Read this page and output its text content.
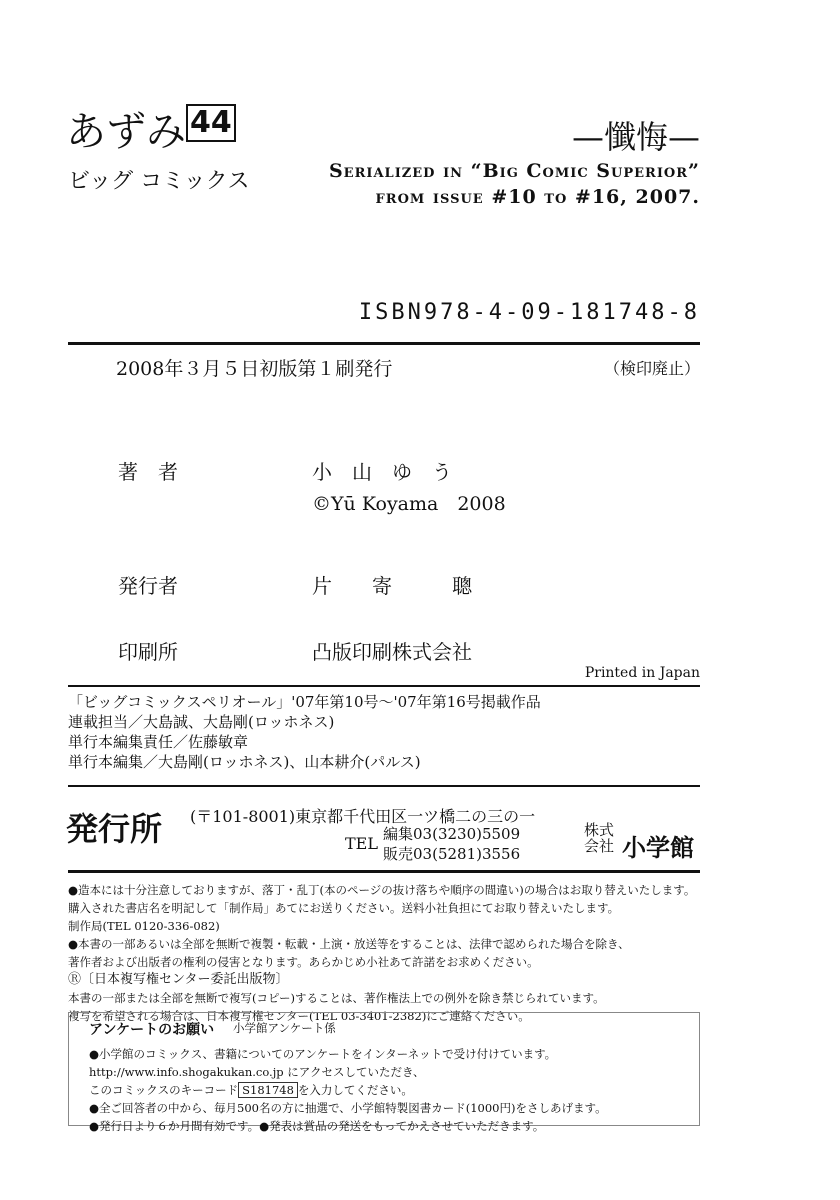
あずみ 44	—懺悔—
ビッグ コミックス	Serialized in “Big Comic Superior”
from issue #10 to #16, 2007.
ISBN978-4-09-181748-8
2008年３月５日初版第１刷発行	（検印廃止）
著　者	小　山　ゆ　う
©Yū Koyama　2008
発行者	片　　寄　　　聰
印刷所	凸版印刷株式会社
Printed in Japan
「ビッグコミックスペリオール」'07年第10号～'07年第16号掲載作品
連載担当／大島誠、大島剛(ロッホネス)
単行本編集責任／佐藤敏章
単行本編集／大島剛(ロッホネス)、山本耕介(パルス)
発行所 (〒101-8001)東京都千代田区一ツ橋二の三の一
TEL 編集03(3230)5509
販売03(5281)3556
株式会社 小学館
●造本には十分注意しておりますが、落丁・乱丁(本のページの抜け落ちや順序の間違い)の場合はお取り替えいたします。
購入された書店名を明記して「制作局」あてにお送りください。送料小社負担にてお取り替えいたします。
制作局(TEL 0120-336-082)
●本書の一部あるいは全部を無断で複製・転載・上演・放送等をすることは、法律で認められた場合を除き、
著作者および出版者の権利の侵害となります。あらかじめ小社あて許諾をお求めください。
Ⓡ〔日本複写権センター委託出版物〕
本書の一部または全部を無断で複写(コピー)することは、著作権法上での例外を除き禁じられています。
複写を希望される場合は、日本複写権センター(TEL 03-3401-2382)にご連絡ください。
アンケートのお願い 小学館アンケート係
●小学館のコミックス、書籍についてのアンケートをインターネットで受け付けています。
http://www.info.shogakukan.co.jp にアクセスしていただき、
このコミックスのキーコード S181748 を入力してください。
●全ご回答者の中から、毎月500名の方に抽選で、小学館特製図書カード(1000円)をさしあげます。
●発行日より６か月間有効です。●発表は賞品の発送をもってかえさせていただきます。
